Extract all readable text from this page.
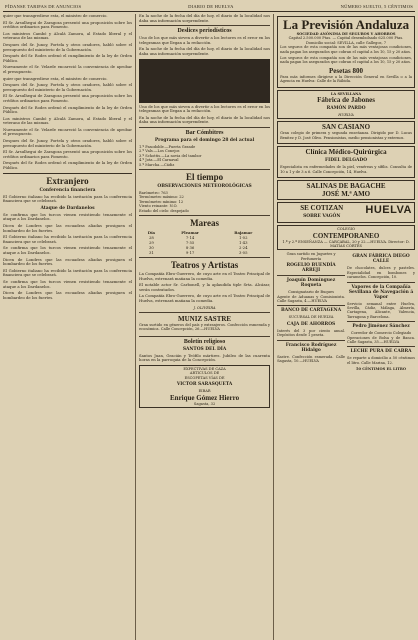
PÍDANSE TARIFAS DE ANUNCIOS	DIARIO DE HUELVA	NÚMERO SUELTO, 5 CÉNTIMOS

quier que transgrediese esta, el ministro de comercio.

El Sr. Arsulhegui de Zaragoza presentó una proposición sobre los créditos ordinarios para Fomento.

Los ministros Cambó y Alcalá Zamora, al Estado liberal y el veterano de las mismas.

Despues del Sr. Junoy, Portela y otros oradores, habló sobre el presupuesto del ministerio de la Gobernación.

Después del Sr. Rodes ordenó el cumplimiento de la ley de Orden Público.

Nuevamente el Sr. Velarde encareció la conveniencia de aprobar el presupuesto.

quier que transgrediese esta, el ministro de comercio.

Despues del Sr. Junoy, Portela y otros oradores, habló sobre el presupuesto del ministerio de la Gobernación.

El Sr. Arsulhegui de Zaragoza presentó una proposición sobre los créditos ordinarios para Fomento.

Después del Sr. Rodes ordenó el cumplimiento de la ley de Orden Público.

Los ministros Cambó y Alcalá Zamora, al Estado liberal y el veterano de las mismas.

Nuevamente el Sr. Velarde encareció la conveniencia de aprobar el presupuesto.

Despues del Sr. Junoy, Portela y otros oradores, habló sobre el presupuesto del ministerio de la Gobernación.

El Sr. Arsulhegui de Zaragoza presentó una proposición sobre los créditos ordinarios para Fomento.

Después del Sr. Rodes ordenó el cumplimiento de la ley de Orden Público.

Extranjero
Conferencia financiera

El Gobierno italiano ha recibido la invitación para la conferencia financiera que se celebrará.

Ataque de Dardanelos

Se confirma que los turcos vienen resistiendo tenazmente el ataque a los Dardanelos.

Dicen de Londres que las escuadras aliadas prosiguen el bombardeo de los fuertes.

El Gobierno italiano ha recibido la invitación para la conferencia financiera que se celebrará.

Se confirma que los turcos vienen resistiendo tenazmente el ataque a los Dardanelos.

Dicen de Londres que las escuadras aliadas prosiguen el bombardeo de los fuertes.

El Gobierno italiano ha recibido la invitación para la conferencia financiera que se celebrará.

Se confirma que los turcos vienen resistiendo tenazmente el ataque a los Dardanelos.

Dicen de Londres que las escuadras aliadas prosiguen el bombardeo de los fuertes.

En la noche de la fecha del día de hoy, el diario de la localidad nos daba una información sorprendente.

Deslices periodísticos

Uno de los que más sirven a divertir a los lectores es el error en los telegramas que llegan a la redacción.

En la noche de la fecha del día de hoy, el diario de la localidad nos daba una información sorprendente.

Uno de los que más sirven a divertir a los lectores es el error en los telegramas que llegan a la redacción.

En la noche de la fecha del día de hoy, el diario de la localidad nos daba una información sorprendente.

Bar Cómbitres
Programa para el domingo 28 del actual
1.º Pasodoble.—Puerta Grande
2.º Vals.—Los Conejos
3.º Schottis.—La novia del tambor
4.º Jota.—El Carnaval
5.º Marcha.—Cádiz
El tiempo
OBSERVACIONES METEOROLÓGICAS
Barómetro: 763
Termómetro máximo: 22
Termómetro mínimo: 12
Viento reinante: N.O.
Estado del cielo: despejado
Mareas
Día	Pleamar	Bajamar
28	7·14	1·02
29	7·55	1·43
30	8·36	2·24
31	9·17	3·05
Teatros y Artistas

La Compañía Ebro-Guerrero, de cuyo arte en el Teatro Principal de Huelva, estrenará mañana la comedia.

El notable actor Sr. Carbonell, y la aplaudida tiple Srta. Alcázar, serán contratados.

La Compañía Ebro-Guerrero, de cuyo arte en el Teatro Principal de Huelva, estrenará mañana la comedia.

J. OLIVEIRA
MUNIZ SASTRE

Gran surtido en géneros del país y extranjeros. Confección esmerada y económica. Calle Concepción, 26.—HUELVA

Boletín religioso
SANTOS DEL DÍA

Santos Juan, Gracián y Teófilo mártires. Jubileo de las cuarenta horas en la parroquia de la Concepción.

EXPECTIVAS DE CAZA
ARTICULOS DE
ESCOPETAS VÍAS DE
VICTOR SARASQUETA
EIBAR
Enrique Gómez Hierro
Sagasta, 32
La Previsión Andaluza
SOCIEDAD ANÓNIMA DE SEGUROS Y AHORROS
Capital 2.500.000 Ptas. — Capital desembolsado 625.000 Ptas.
Domicilio social: SEVILLA, calle Gallegos, 7

Los seguros de esta compañía son de las más ventajosas condiciones, nada pagan los asegurados que cobran el capital a los 10, 15 y 20 años.

Los seguros de esta compañía son de las más ventajosas condiciones, nada pagan los asegurados que cobran el capital a los 10, 15 y 20 años.

Pesetas 800

Para más informes dirigirse a la Dirección General en Sevilla o a la Agencia en Huelva: Calle de la Rábida.

LA SEVILLANA
Fábrica de Jabones
RAMÓN PARDO
HUELVA
SAN CASIANO

Gran colegio de primera y segunda enseñanza. Dirigido por D. Lucas Benitez y D. José Olivo. Pensionistas, medio pensionistas y externos.

Clínica Médico-Quirúrgica
FIDEL DELGADO

Especialista en enfermedades de la piel, venéreas y sífilis. Consulta de 10 a 1 y de 3 a 6. Calle Concepción, 14, Huelva.

SALINAS DE BAGACHE
JOSÉ M.ª AMO
SE COTIZAN
SOBRE VAGÓN
HUELVA
COLEGIO
CONTEMPORANEO
1.ª y 2.ª ENSEÑANZA — CARCABAL, 20 y 22.—HUELVA. Director: D. MATÍAS CORTÉS
Gran surtido en Juguetes y Perfumería
ROGELIO BUENDÍA ARREJI
Joaquín Domínguez Roqueta
Consignatario de Buques

Agente de Aduanas y Comisionista. Calle Sagasta, 4.—HUELVA

BANCO DE CARTAGENA
SUCURSAL DE HUELVA
CAJA DE AHORROS

Interés del 3 por ciento anual. Depósitos desde 1 peseta.

Francisco Rodríguez Hidalgo

Sastre. Confección esmerada. Calle Sagasta, 10.—HUELVA

GRAN FÁBRICA DIEGO CALLE

De chocolates, dulces y pasteles. Especialidad en bombones y caramelos. Concepción, 10.

Vapores de la Compañía Sevillana de Navegación á Vapor

Servicio semanal entre Huelva, Sevilla, Cádiz, Málaga, Almería, Cartagena, Alicante, Valencia, Tarragona y Barcelona.

Pedro Jiménez Sánchez
Corredor de Comercio Colegiado

Operaciones de Bolsa y de Banca. Calle Sagasta, 35.—HUELVA

LECHE PURA DE CABRA

Se reparte a domicilio a 50 céntimos el litro. Calle Marina, 12.

50 CÉNTIMOS EL LITRO
